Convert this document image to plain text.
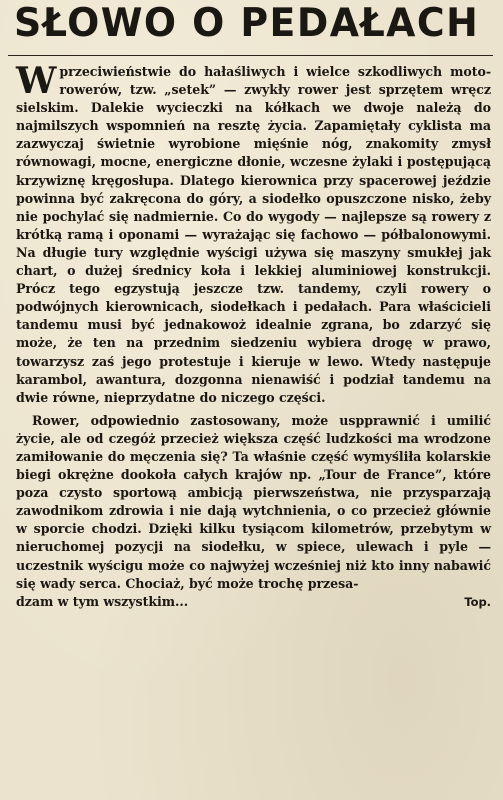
SŁOWO O PEDAŁACH

Wprzeciwieństwie do hałaśliwych i wielce szkodliwych moto-rowerów, tzw. „setek” — zwykły rower jest sprzętem wręcz sielskim. Dalekie wycieczki na kółkach we dwoje należą do najmilszych wspomnień na resztę życia. Zapamiętały cyklista ma zazwyczaj świetnie wyrobione mięśnie nóg, znakomity zmysł równowagi, mocne, energiczne dłonie, wczesne żylaki i postępującą krzywiznę kręgosłupa. Dlatego kierownica przy spacerowej jeździe powinna być zakręcona do góry, a siodełko opuszczone nisko, żeby nie pochylać się nadmiernie. Co do wygody — najlepsze są rowery z krótką ramą i oponami — wyrażając się fachowo — półbalonowymi. Na długie tury względnie wyścigi używa się maszyny smukłej jak chart, o dużej średnicy koła i lekkiej aluminiowej konstrukcji. Prócz tego egzystują jeszcze tzw. tandemy, czyli rowery o podwójnych kierownicach, siodełkach i pedałach. Para właścicieli tandemu musi być jednakowoż idealnie zgrana, bo zdarzyć się może, że ten na przednim siedzeniu wybiera drogę w prawo, towarzysz zaś jego protestuje i kieruje w lewo. Wtedy następuje karambol, awantura, dozgonna nienawiść i podział tandemu na dwie równe, nieprzydatne do niczego części.

Rower, odpowiednio zastosowany, może uspprawnić i umilić życie, ale od czegóż przecież większa część ludzkości ma wrodzone zamiłowanie do męczenia się? Ta właśnie część wymyśliła kolarskie biegi okrężne dookoła całych krajów np. „Tour de France”, które poza czysto sportową ambicją pierwszeństwa, nie przysparzają zawodnikom zdrowia i nie dają wytchnienia, o co przecież głównie w sporcie chodzi. Dzięki kilku tysiącom kilometrów, przebytym w nieruchomej pozycji na siodełku, w spiece, ulewach i pyle — uczestnik wyścigu może co najwyżej wcześniej niż kto inny nabawić się wady serca. Chociaż, być może trochę przesa-

dzam w tym wszystkim...	Top.
